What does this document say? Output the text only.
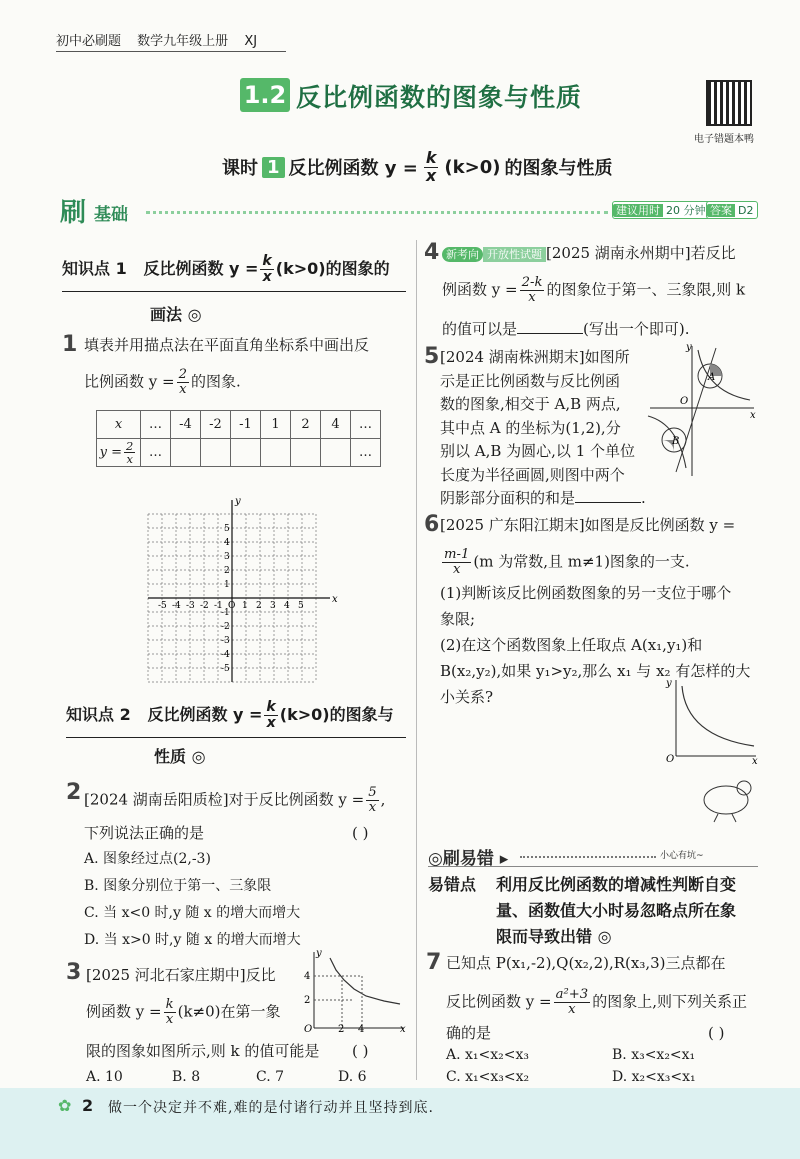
初中必刷题 数学九年级上册 XJ
1.2 反比例函数的图象与性质
电子错题本鸭
课时 1 反比例函数 $y = \frac{k}{x} (k>0)$ 的图象与性质
刷 基础	建议用时 20 分钟 答案 D2
知识点 1 反比例函数 $y = \frac{k}{x} (k>0)$的图象的
画法 ◎
1 填表并用描点法在平面直角坐标系中画出反
比例函数 $y = \frac{2}{x}$ 的图象.
x	…	-4	-2	-1	1	2	4	…
$y = \frac{2}{x}$	…							…
-5 -4 -3 -2 -1 O 1 2 3 4 5
5
4
3
2
1
-1
-2
-3
-4
-5
x
y
知识点 2 反比例函数 $y = \frac{k}{x} (k>0)$的图象与
性质 ◎
2 [2024 湖南岳阳质检]对于反比例函数 $y = \frac{5}{x}$ ,
下列说法正确的是	( )
A. 图象经过点(2,-3)
B. 图象分别位于第一、三象限
C. 当 x<0 时,y 随 x 的增大而增大
D. 当 x>0 时,y 随 x 的增大而增大
3 [2025 河北石家庄期中]反比
例函数 $y = \frac{k}{x} (k\ne 0)$在第一象
限的图象如图所示,则 k 的值可能是 ( )
A. 10	B. 8	C. 7	D. 6
O	2 4
2
4
x
y
4 新考向 开放性试题 [2025 湖南永州期中]若反比
例函数 $y = \frac{2-k}{x}$ 的图象位于第一、三象限,则 k
的值可以是	(写出一个即可).
5 [2024 湖南株洲期末]如图所
示是正比例函数与反比例函
数的图象,相交于 A,B 两点,
其中点 A 的坐标为(1,2),分
别以 A,B 为圆心,以 1 个单位
长度为半径画圆,则图中两个
阴影部分面积的和是	.
A
B
O
x
y
6 [2025 广东阳江期末]如图是反比例函数 y =
$\frac{m-1}{x} (m$ 为常数,且 m≠1)图象的一支.
(1)判断该反比例函数图象的另一支位于哪个
象限;
(2)在这个函数图象上任取点 A(x₁,y₁)和
B(x₂,y₂),如果 y₁>y₂,那么 x₁ 与 x₂ 有怎样的大
小关系?
O	x
y
◎刷易错 ▸	小心有坑~
易错点 利用反比例函数的增减性判断自变
量、函数值大小时易忽略点所在象
限而导致出错 ◎
7 已知点 P(x₁,-2),Q(x₂,2),R(x₃,3)三点都在
反比例函数 $y = \frac{\text{a²+3}}{x}$ 的图象上,则下列关系正
确的是	( )
A. x₁<x₂<x₃	B. x₃<x₂<x₁
C. x₁<x₃<x₂	D. x₂<x₃<x₁
✿ 2 做一个决定并不难,难的是付诸行动并且坚持到底.
